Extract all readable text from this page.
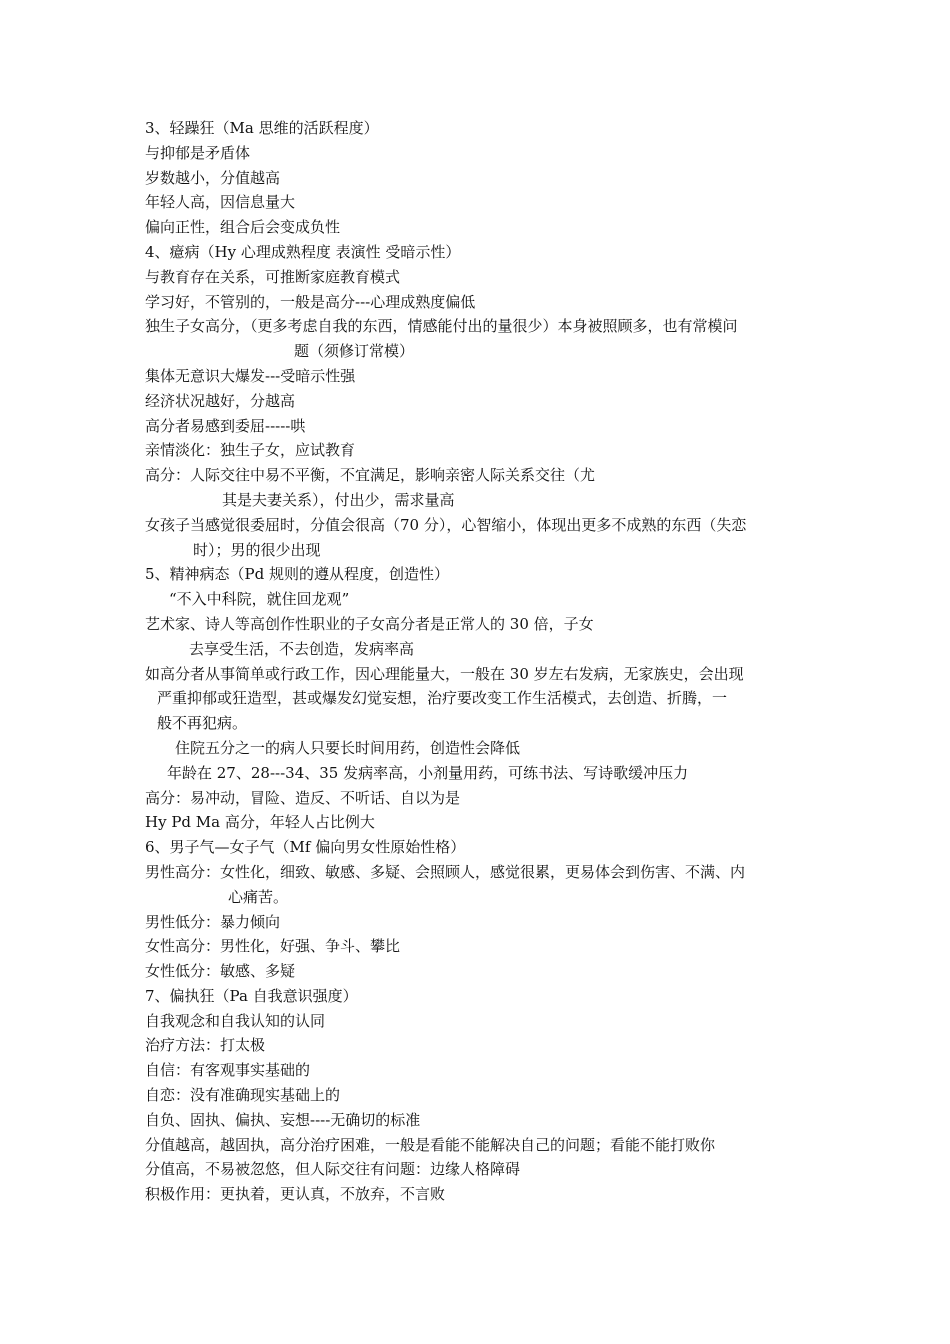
3、轻躁狂（Ma 思维的活跃程度）
与抑郁是矛盾体
岁数越小，分值越高
年轻人高，因信息量大
偏向正性，组合后会变成负性
4、癔病（Hy 心理成熟程度 表演性 受暗示性）
与教育存在关系，可推断家庭教育模式
学习好，不管别的，一般是高分---心理成熟度偏低
独生子女高分，（更多考虑自我的东西，情感能付出的量很少）本身被照顾多，也有常模问
题（须修订常模）
集体无意识大爆发---受暗示性强
经济状况越好，分越高
高分者易感到委屈-----哄
亲情淡化：独生子女，应试教育
高分：人际交往中易不平衡，不宜满足，影响亲密人际关系交往（尤
其是夫妻关系），付出少，需求量高
女孩子当感觉很委屈时，分值会很高（70 分），心智缩小，体现出更多不成熟的东西（失恋
时）；男的很少出现
5、精神病态（Pd 规则的遵从程度，创造性）
“不入中科院，就住回龙观”
艺术家、诗人等高创作性职业的子女高分者是正常人的 30 倍，子女
去享受生活，不去创造，发病率高
如高分者从事简单或行政工作，因心理能量大，一般在 30 岁左右发病，无家族史，会出现
严重抑郁或狂造型，甚或爆发幻觉妄想，治疗要改变工作生活模式，去创造、折腾，一
般不再犯病。
住院五分之一的病人只要长时间用药，创造性会降低
年龄在 27、28---34、35 发病率高，小剂量用药，可练书法、写诗歌缓冲压力
高分：易冲动，冒险、造反、不听话、自以为是
Hy Pd Ma 高分，年轻人占比例大
6、男子气—女子气（Mf 偏向男女性原始性格）
男性高分：女性化，细致、敏感、多疑、会照顾人，感觉很累，更易体会到伤害、不满、内
心痛苦。
男性低分：暴力倾向
女性高分：男性化，好强、争斗、攀比
女性低分：敏感、多疑
7、偏执狂（Pa 自我意识强度）
自我观念和自我认知的认同
治疗方法：打太极
自信：有客观事实基础的
自恋：没有准确现实基础上的
自负、固执、偏执、妄想----无确切的标准
分值越高，越固执，高分治疗困难，一般是看能不能解决自己的问题；看能不能打败你
分值高，不易被忽悠，但人际交往有问题：边缘人格障碍
积极作用：更执着，更认真，不放弃，不言败
